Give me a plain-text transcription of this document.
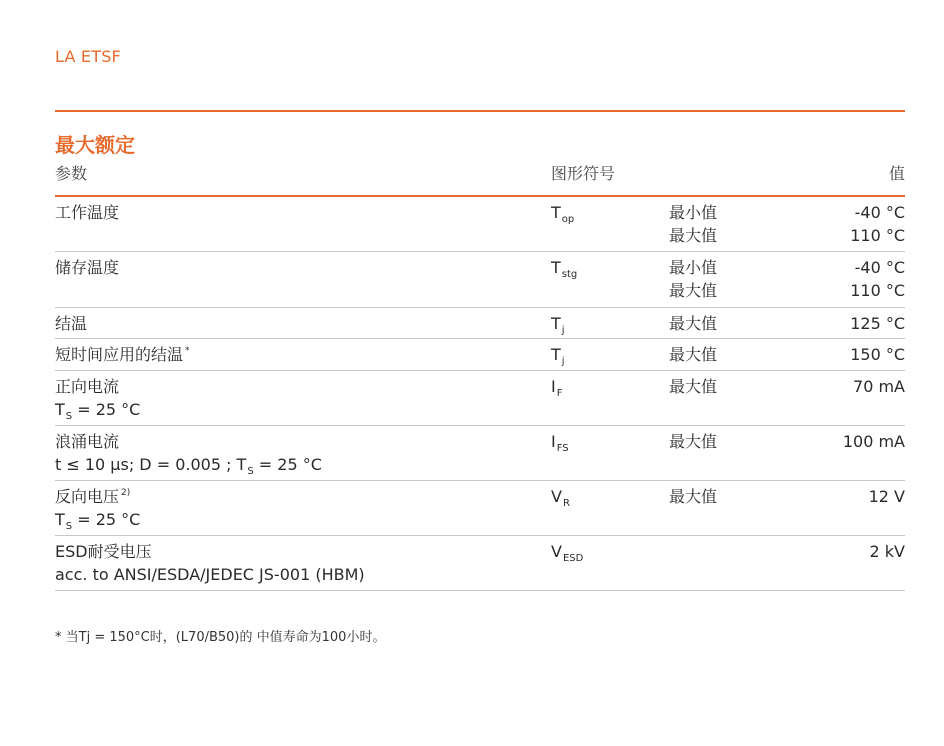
LA ETSF
最大额定
参数	图形符号	值
工作温度	$T_{op}$	最小值	-40 °C
最大值	110 °C
储存温度	$T_{stg}$	最小值	-40 °C
最大值	110 °C
结温	$T_j$	最大值	125 °C
短时间应用的结温 *	$T_j$	最大值	150 °C
正向电流
$T_S = 25$ °C
$I_F$	最大值	70 mA
浪涌电流
t ≤ 10 µs; D = 0.005 ; $T_S = 25$ °C
$I_{FS}$	最大值	100 mA
反向电压 $^{2)}$
$T_S = 25$ °C
$V_R$	最大值	12 V
ESD耐受电压
acc. to ANSI/ESDA/JEDEC JS-001 (HBM)
$V_{ESD}$	2 kV
* 当Tj = 150°C时，(L70/B50)的 中值寿命为100小时。
